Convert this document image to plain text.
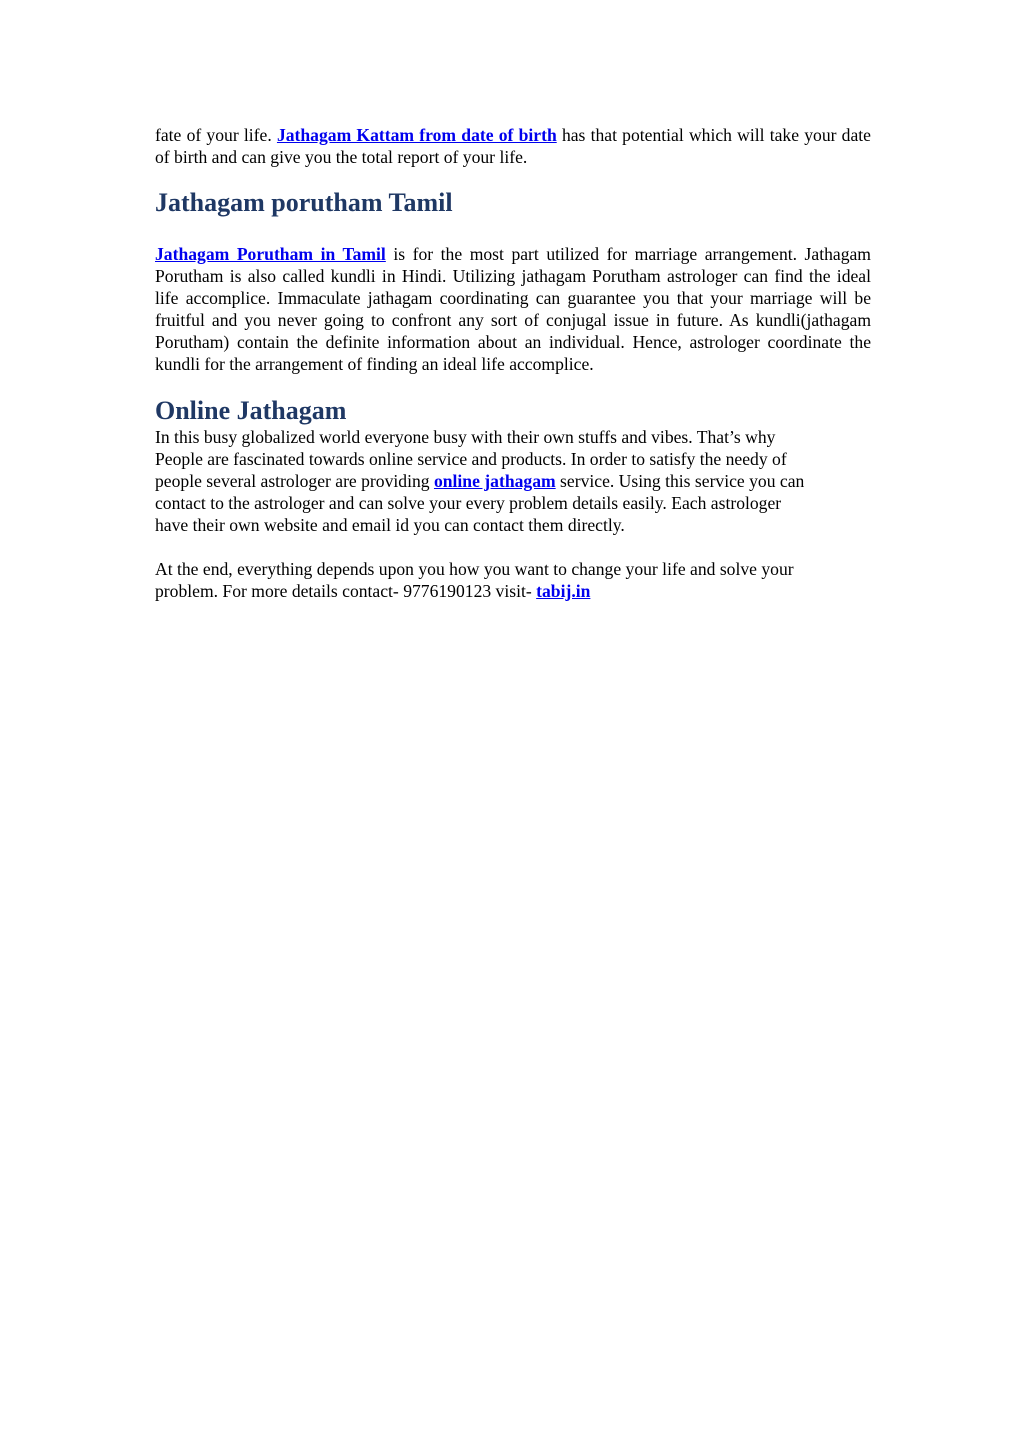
fate of your life. Jathagam Kattam from date of birth has that potential which will take your date of birth and can give you the total report of your life.

Jathagam porutham Tamil

Jathagam Porutham in Tamil is for the most part utilized for marriage arrangement. Jathagam Porutham is also called kundli in Hindi. Utilizing jathagam Porutham astrologer can find the ideal life accomplice. Immaculate jathagam coordinating can guarantee you that your marriage will be fruitful and you never going to confront any sort of conjugal issue in future. As kundli(jathagam Porutham) contain the definite information about an individual. Hence, astrologer coordinate the kundli for the arrangement of finding an ideal life accomplice.

Online Jathagam

In this busy globalized world everyone busy with their own stuffs and vibes. That’s why
People are fascinated towards online service and products. In order to satisfy the needy of
people several astrologer are providing online jathagam service. Using this service you can
contact to the astrologer and can solve your every problem details easily. Each astrologer
have their own website and email id you can contact them directly.

At the end, everything depends upon you how you want to change your life and solve your
problem. For more details contact- 9776190123 visit- tabij.in
